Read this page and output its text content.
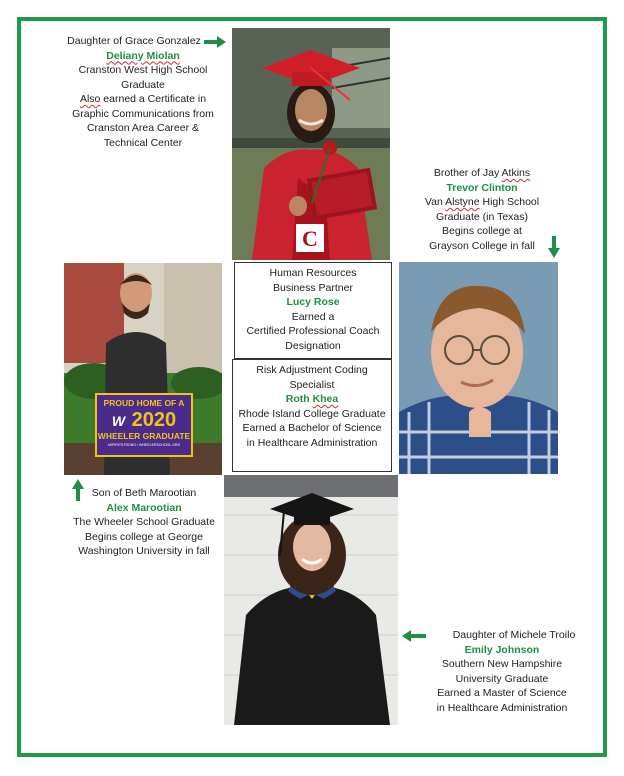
Daughter of Grace Gonzalez
Deliany Miolan
Cranston West High School
Graduate
Also earned a Certificate in
Graphic Communications from
Cranston Area Career &
Technical Center
C
Brother of Jay Atkins
Trevor Clinton
Van Alstyne High School
Graduate (in Texas)
Begins college at
Grayson College in fall
PROUD HOME OF A
W 2020
WHEELER GRADUATE
#SPIRITSTRONG • WHEELERSCHOOL.ORG
Human Resources
Business Partner
Lucy Rose
Earned a
Certified Professional Coach
Designation
Risk Adjustment Coding
Specialist
Roth Khea
Rhode Island College Graduate
Earned a Bachelor of Science
in Healthcare Administration
Son of Beth Marootian
Alex Marootian
The Wheeler School Graduate
Begins college at George
Washington University in fall
Daughter of Michele Troilo
Emily Johnson
Southern New Hampshire
University Graduate
Earned a Master of Science
in Healthcare Administration
